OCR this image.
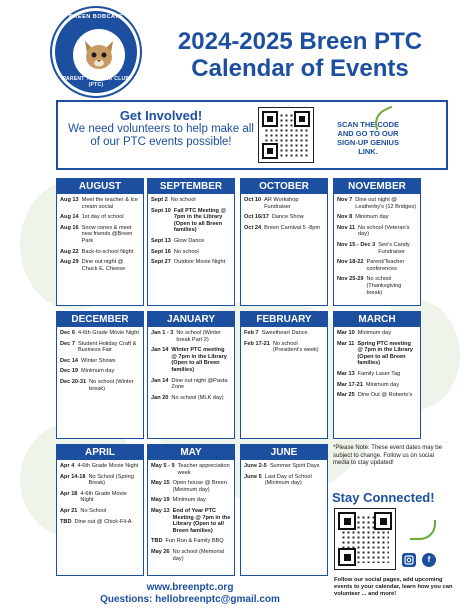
BREEN BOBCATS
PARENT TEACHER CLUB (PTC)
2024-2025 Breen PTC
Calendar of Events
Get Involved!
We need volunteers to help make all of our PTC events possible!
SCAN THE CODE AND GO TO OUR SIGN-UP GENIUS LINK.
AUGUST
Aug 13 Meet the teacher & Ice cream social
Aug 14 1st day of school
Aug 16 Snow cones & meet new friends @Breen Park
Aug 22 Back-to-school Night
Aug 29 Dine out night @ Chuck E. Cheese
SEPTEMBER
Sept 2 No school
Sept 10 Fall PTC Meeting @ 7pm in the Library (Open to all Breen families)
Sept 13 Glow Dance
Sept 16 No school
Sept 27 Outdoor Movie Night
OCTOBER
Oct 10 AR Workshop Fundraiser
Oct 16/17 Dance Show
Oct 24 Breen Carnival 5 -8pm
NOVEMBER
Nov 7 Dine out night @ Leatherby's (12 Bridges)
Nov 8 Minimum day
Nov 11 No school (Veteran's day)
Nov 15 - Dec 3 See's Candy Fundraiser
Nov 18-22 Parent/Teacher conferences
Nov 25-29 No school (Thanksgiving break)
DECEMBER
Dec 6 4-6th Grade Movie Night
Dec 7 Student Holiday Craft & Business Fair
Dec 14 Winter Shows
Dec 19 Minimum day
Dec 20-31 No school (Winter break)
JANUARY
Jan 1 - 3 No school (Winter break Part 2)
Jan 14 Winter PTC meeting @ 7pm in the Library (Open to all Breen families)
Jan 14 Dine out night @Pasta Zone
Jan 20 No school (MLK day)
FEBRUARY
Feb 7 Sweetheart Dance
Feb 17-21 No school (President's week)
MARCH
Mar 10 Minimum day
Mar 11 Spring PTC meeting @ 7pm in the Library (Open to all Breen families)
Mar 13 Family Laser Tag
Mar 17-21 Minimum day
Mar 25 Dine Out @ Roberto's
APRIL
Apr 4 4-6th Grade Movie Night
Apr 14-18 No School (Spring Break)
Apr 18 4-6th Grade Movie Night
Apr 21 No School
TBD Dine out @ Chick-Fil-A
MAY
May 5 - 9 Teacher appreciation week
May 15 Open house @ Breen (Minimum day)
May 19 Minimum day
May 13 End of Year PTC Meeting @ 7pm in the Library (Open to all Breen families)
TBD Fun Run & Family BBQ
May 26 No school (Memorial day)
JUNE
June 2-5 Summer Spirit Days
June 5 Last Day of School (Minimum day)
*Please Note: These event dates may be subject to change. Follow us on social media to stay updated!
Stay Connected!
f
Follow our social pages, add upcoming events to your calendar, learn how you can volunteer ... and more!
www.breenptc.org
Questions: hellobreenptc@gmail.com
